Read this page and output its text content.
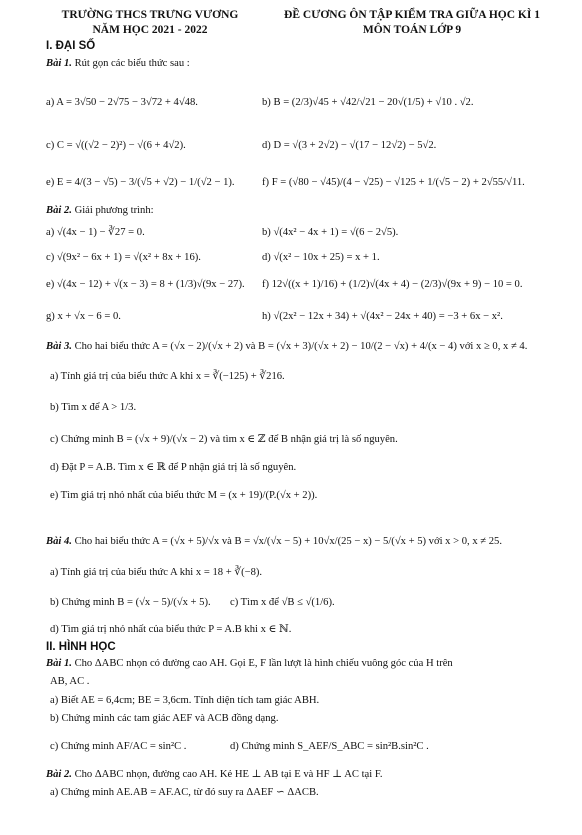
TRƯỜNG THCS TRƯNG VƯƠNG
NĂM HỌC 2021 - 2022
ĐỀ CƯƠNG ÔN TẬP KIỂM TRA GIỮA HỌC KÌ 1
MÔN TOÁN LỚP 9
I. ĐẠI SỐ
Bài 1. Rút gọn các biểu thức sau :
a) A = 3√50 − 2√75 − 3√72 + 4√48.	b) B = (2/3)√45 + √42/√21 − 20√(1/5) + √10 . √2.
c) C = √((√2 − 2)²) − √(6 + 4√2).	d) D = √(3 + 2√2) − √(17 − 12√2) − 5√2.
e) E = 4/(3 − √5) − 3/(√5 + √2) − 1/(√2 − 1).	f) F = (√80 − √45)/(4 − √25) − √125 + 1/(√5 − 2) + 2√55/√11.
Bài 2. Giải phương trình:
a) √(4x − 1) − ∛27 = 0.	b) √(4x² − 4x + 1) = √(6 − 2√5).
c) √(9x² − 6x + 1) = √(x² + 8x + 16).	d) √(x² − 10x + 25) = x + 1.
e) √(4x − 12) + √(x − 3) = 8 + (1/3)√(9x − 27). f) 12√((x + 1)/16) + (1/2)√(4x + 4) − (2/3)√(9x + 9) − 10 = 0.
g) x + √x − 6 = 0.	h) √(2x² − 12x + 34) + √(4x² − 24x + 40) = −3 + 6x − x².
Bài 3. Cho hai biểu thức A = (√x − 2)/(√x + 2) và B = (√x + 3)/(√x + 2) − 10/(2 − √x) + 4/(x − 4) với x ≥ 0, x ≠ 4.
a) Tính giá trị của biểu thức A khi x = ∛(−125) + ∛216.
b) Tìm x để A > 1/3.
c) Chứng minh B = (√x + 9)/(√x − 2) và tìm x ∈ ℤ để B nhận giá trị là số nguyên.
d) Đặt P = A.B. Tìm x ∈ ℝ để P nhận giá trị là số nguyên.
e) Tìm giá trị nhỏ nhất của biểu thức M = (x + 19)/(P.(√x + 2)).
Bài 4. Cho hai biểu thức A = (√x + 5)/√x và B = √x/(√x − 5) + 10√x/(25 − x) − 5/(√x + 5) với x > 0, x ≠ 25.
a) Tính giá trị của biểu thức A khi x = 18 + ∛(−8).
b) Chứng minh B = (√x − 5)/(√x + 5). c) Tìm x để √B ≤ √(1/6).
d) Tìm giá trị nhỏ nhất của biểu thức P = A.B khi x ∈ ℕ.
II. HÌNH HỌC
Bài 1. Cho ΔABC nhọn có đường cao AH. Gọi E, F lần lượt là hình chiếu vuông góc của H trên
AB, AC .
a) Biết AE = 6,4cm; BE = 3,6cm. Tính diện tích tam giác ABH.
b) Chứng minh các tam giác AEF và ACB đồng dạng.
c) Chứng minh AF/AC = sin²C .	d) Chứng minh S_AEF/S_ABC = sin²B.sin²C .
Bài 2. Cho ΔABC nhọn, đường cao AH. Kẻ HE ⊥ AB tại E và HF ⊥ AC tại F.
a) Chứng minh AE.AB = AF.AC, từ đó suy ra ΔAEF ∽ ΔACB.
